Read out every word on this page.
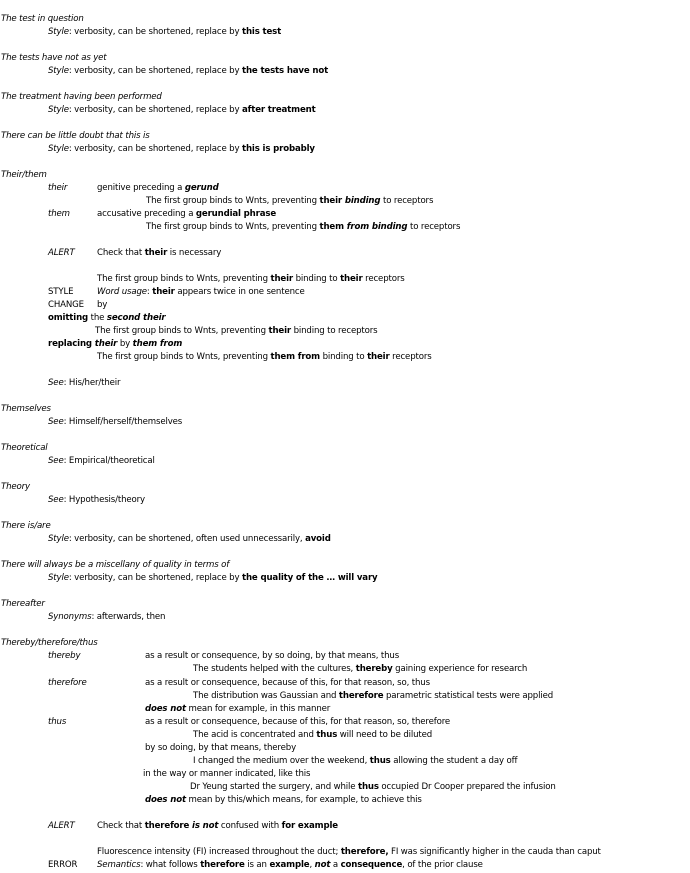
The test in question
Style: verbosity, can be shortened, replace by this test
The tests have not as yet
Style: verbosity, can be shortened, replace by the tests have not
The treatment having been performed
Style: verbosity, can be shortened, replace by after treatment
There can be little doubt that this is
Style: verbosity, can be shortened, replace by this is probably
Their/them
their	genitive preceding a gerund
The first group binds to Wnts, preventing their binding to receptors
them	accusative preceding a gerundial phrase
The first group binds to Wnts, preventing them from binding to receptors
ALERT	Check that their is necessary
The first group binds to Wnts, preventing their binding to their receptors
STYLE	Word usage: their appears twice in one sentence
CHANGE by
omitting the second their
The first group binds to Wnts, preventing their binding to receptors
replacing their by them from
The first group binds to Wnts, preventing them from binding to their receptors
See: His/her/their
Themselves
See: Himself/herself/themselves
Theoretical
See: Empirical/theoretical
Theory
See: Hypothesis/theory
There is/are
Style: verbosity, can be shortened, often used unnecessarily, avoid
There will always be a miscellany of quality in terms of
Style: verbosity, can be shortened, replace by the quality of the … will vary
Thereafter
Synonyms: afterwards, then
Thereby/therefore/thus
thereby	as a result or consequence, by so doing, by that means, thus
The students helped with the cultures, thereby gaining experience for research
therefore	as a result or consequence, because of this, for that reason, so, thus
The distribution was Gaussian and therefore parametric statistical tests were applied
does not mean for example, in this manner
thus	as a result or consequence, because of this, for that reason, so, therefore
The acid is concentrated and thus will need to be diluted
by so doing, by that means, thereby
I changed the medium over the weekend, thus allowing the student a day off
in the way or manner indicated, like this
Dr Yeung started the surgery, and while thus occupied Dr Cooper prepared the infusion
does not mean by this/which means, for example, to achieve this
ALERT	Check that therefore is not confused with for example
Fluorescence intensity (FI) increased throughout the duct; therefore, FI was significantly higher in the cauda than caput
ERROR Semantics: what follows therefore is an example, not a consequence, of the prior clause
